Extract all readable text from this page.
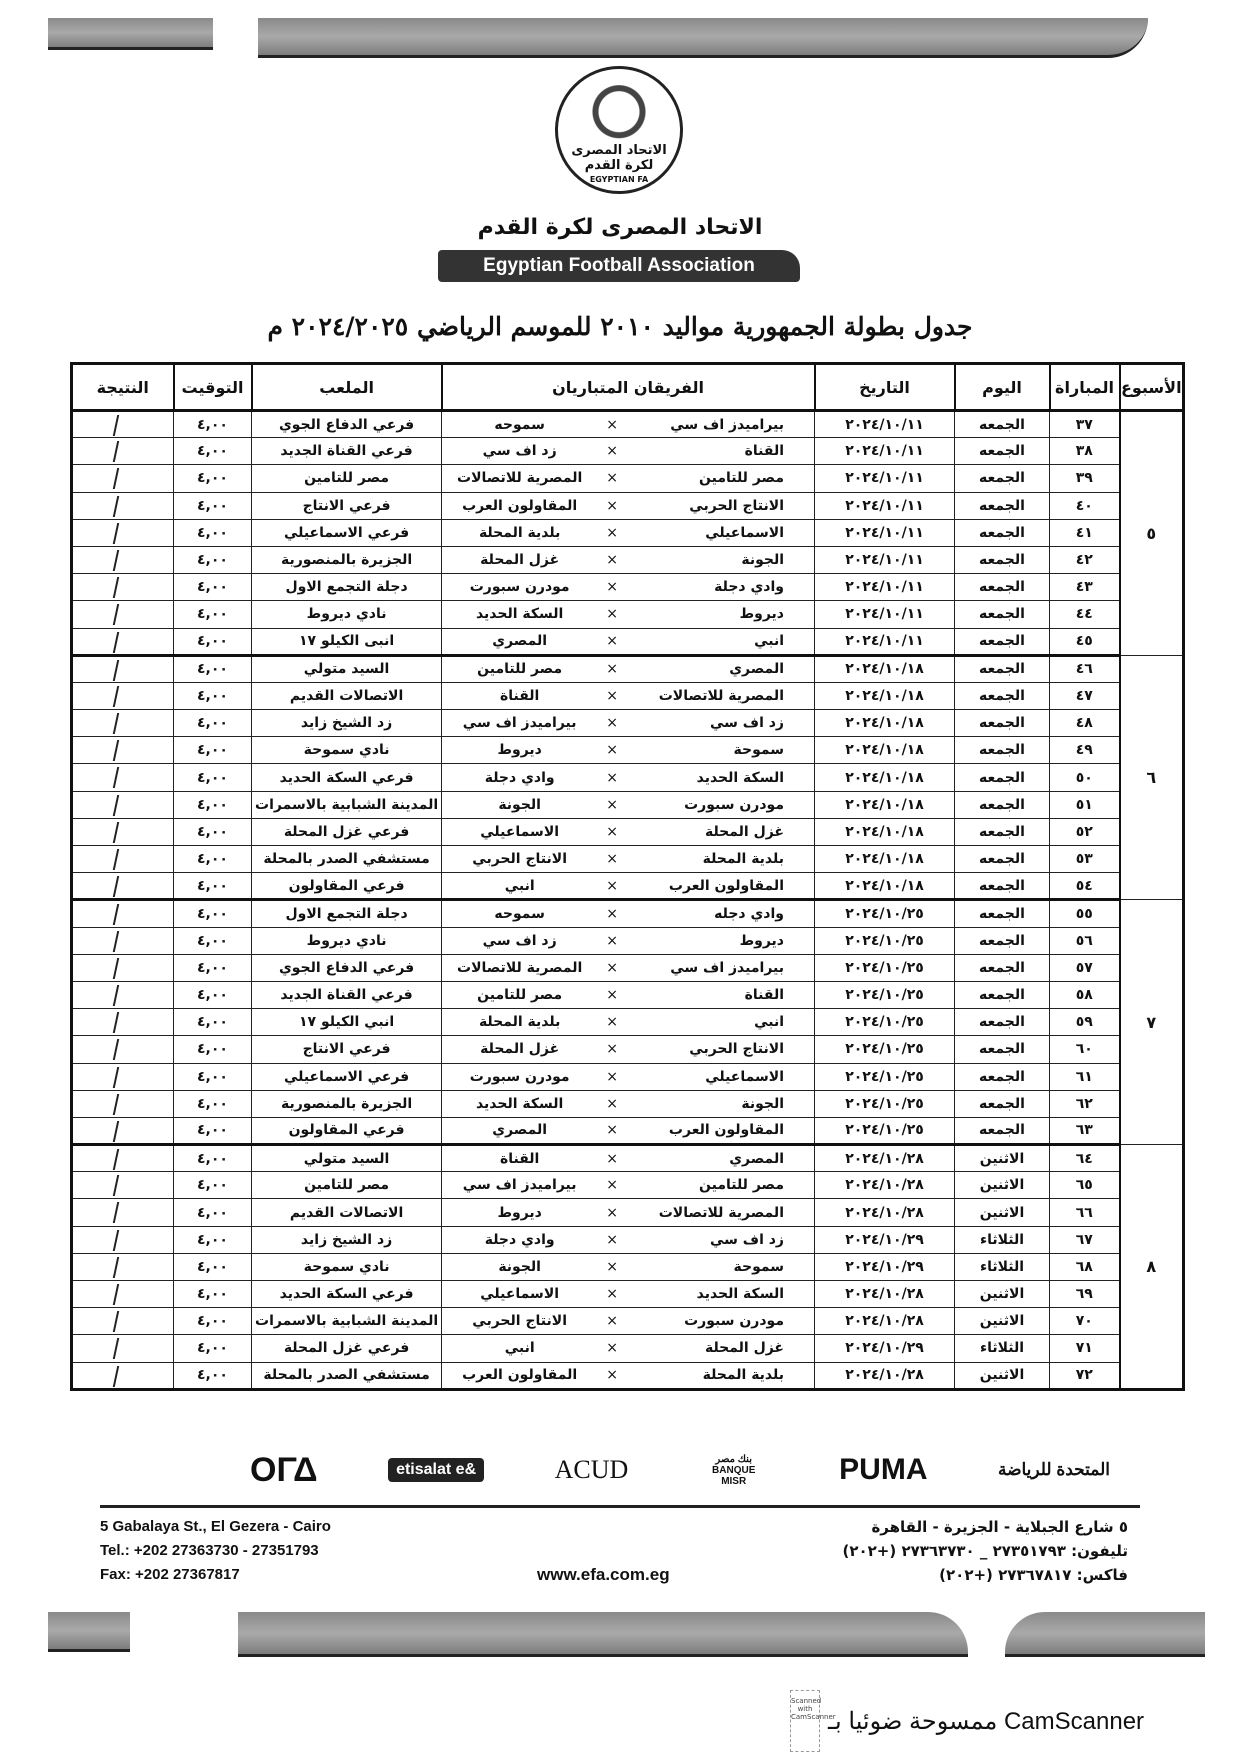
الاتحاد المصرى لكرة القدم
EGYPTIAN FA
الاتحاد المصرى لكرة القدم
Egyptian Football Association
جدول بطولة الجمهورية مواليد ٢٠١٠ للموسم الرياضي ٢٠٢٤/٢٠٢٥ م
الأسبوع	المباراة	اليوم	التاريخ	الفريقان المتباريان			الملعب	التوقيت	النتيجة
٥	٣٧	الجمعه	٢٠٢٤/١٠/١١	بيراميدز اف سي	×	سموحه	فرعي الدفاع الجوي	٤,٠٠	

	٣٨	الجمعه	٢٠٢٤/١٠/١١	القناة	×	زد اف سي	فرعي القناة الجديد	٤,٠٠	

	٣٩	الجمعه	٢٠٢٤/١٠/١١	مصر للتامين	×	المصرية للاتصالات	مصر للتامين	٤,٠٠	

	٤٠	الجمعه	٢٠٢٤/١٠/١١	الانتاج الحربي	×	المقاولون العرب	فرعي الانتاج	٤,٠٠	

	٤١	الجمعه	٢٠٢٤/١٠/١١	الاسماعيلي	×	بلدية المحلة	فرعي الاسماعيلي	٤,٠٠	

	٤٢	الجمعه	٢٠٢٤/١٠/١١	الجونة	×	غزل المحلة	الجزيرة بالمنصورية	٤,٠٠	

	٤٣	الجمعه	٢٠٢٤/١٠/١١	وادي دجلة	×	مودرن سبورت	دجلة التجمع الاول	٤,٠٠	

	٤٤	الجمعه	٢٠٢٤/١٠/١١	ديروط	×	السكة الحديد	نادي ديروط	٤,٠٠	

	٤٥	الجمعه	٢٠٢٤/١٠/١١	انبي	×	المصري	انبى الكيلو ١٧	٤,٠٠	

٦	٤٦	الجمعه	٢٠٢٤/١٠/١٨	المصري	×	مصر للتامين	السيد متولي	٤,٠٠	

	٤٧	الجمعه	٢٠٢٤/١٠/١٨	المصرية للاتصالات	×	القناة	الاتصالات القديم	٤,٠٠	

	٤٨	الجمعه	٢٠٢٤/١٠/١٨	زد اف سي	×	بيراميدز اف سي	زد الشيخ زايد	٤,٠٠	

	٤٩	الجمعه	٢٠٢٤/١٠/١٨	سموحة	×	ديروط	نادي سموحة	٤,٠٠	

	٥٠	الجمعه	٢٠٢٤/١٠/١٨	السكة الحديد	×	وادي دجلة	فرعي السكة الحديد	٤,٠٠	

	٥١	الجمعه	٢٠٢٤/١٠/١٨	مودرن سبورت	×	الجونة	المدينة الشبابية بالاسمرات	٤,٠٠	

	٥٢	الجمعه	٢٠٢٤/١٠/١٨	غزل المحلة	×	الاسماعيلي	فرعي غزل المحلة	٤,٠٠	

	٥٣	الجمعه	٢٠٢٤/١٠/١٨	بلدية المحلة	×	الانتاج الحربي	مستشفي الصدر بالمحلة	٤,٠٠	

	٥٤	الجمعه	٢٠٢٤/١٠/١٨	المقاولون العرب	×	انبي	فرعي المقاولون	٤,٠٠	

٧	٥٥	الجمعه	٢٠٢٤/١٠/٢٥	وادي دجله	×	سموحه	دجلة التجمع الاول	٤,٠٠	

	٥٦	الجمعه	٢٠٢٤/١٠/٢٥	ديروط	×	زد اف سي	نادي ديروط	٤,٠٠	

	٥٧	الجمعه	٢٠٢٤/١٠/٢٥	بيراميدز اف سي	×	المصرية للاتصالات	فرعي الدفاع الجوي	٤,٠٠	

	٥٨	الجمعه	٢٠٢٤/١٠/٢٥	القناة	×	مصر للتامين	فرعي القناة الجديد	٤,٠٠	

	٥٩	الجمعه	٢٠٢٤/١٠/٢٥	انبي	×	بلدية المحلة	انبي الكيلو ١٧	٤,٠٠	

	٦٠	الجمعه	٢٠٢٤/١٠/٢٥	الانتاج الحربي	×	غزل المحلة	فرعي الانتاج	٤,٠٠	

	٦١	الجمعه	٢٠٢٤/١٠/٢٥	الاسماعيلي	×	مودرن سبورت	فرعي الاسماعيلي	٤,٠٠	

	٦٢	الجمعه	٢٠٢٤/١٠/٢٥	الجونة	×	السكة الحديد	الجزيرة بالمنصورية	٤,٠٠	

	٦٣	الجمعه	٢٠٢٤/١٠/٢٥	المقاولون العرب	×	المصري	فرعي المقاولون	٤,٠٠	

٨	٦٤	الاثنين	٢٠٢٤/١٠/٢٨	المصري	×	القناة	السيد متولي	٤,٠٠	

	٦٥	الاثنين	٢٠٢٤/١٠/٢٨	مصر للتامين	×	بيراميدز اف سي	مصر للتامين	٤,٠٠	

	٦٦	الاثنين	٢٠٢٤/١٠/٢٨	المصرية للاتصالات	×	ديروط	الاتصالات القديم	٤,٠٠	

	٦٧	الثلاثاء	٢٠٢٤/١٠/٢٩	زد اف سي	×	وادي دجلة	زد الشيخ زايد	٤,٠٠	

	٦٨	الثلاثاء	٢٠٢٤/١٠/٢٩	سموحة	×	الجونة	نادي سموحة	٤,٠٠	

	٦٩	الاثنين	٢٠٢٤/١٠/٢٨	السكة الحديد	×	الاسماعيلي	فرعي السكة الحديد	٤,٠٠	

	٧٠	الاثنين	٢٠٢٤/١٠/٢٨	مودرن سبورت	×	الانتاج الحربي	المدينة الشبابية بالاسمرات	٤,٠٠	

	٧١	الثلاثاء	٢٠٢٤/١٠/٢٩	غزل المحلة	×	انبي	فرعي غزل المحلة	٤,٠٠	

	٧٢	الاثنين	٢٠٢٤/١٠/٢٨	بلدية المحلة	×	المقاولون العرب	مستشفي الصدر بالمحلة	٤,٠٠	
OΓΔ	etisalat e&	ACUD	بنك مصر BANQUE MISR	PUMA	المتحدة للرياضة
5 Gabalaya St., El Gezera - Cairo
Tel.: +202 27363730 - 27351793
Fax: +202 27367817	www.efa.com.eg
٥ شارع الجبلاية - الجزيرة - القاهرة
تليفون: ٢٧٣٥١٧٩٣ _ ٢٧٣٦٣٧٣٠ (+٢٠٢)
فاكس: ٢٧٣٦٧٨١٧ (+٢٠٢)
Scanned with CamScanner
CamScanner ممسوحة ضوئيا بـ
